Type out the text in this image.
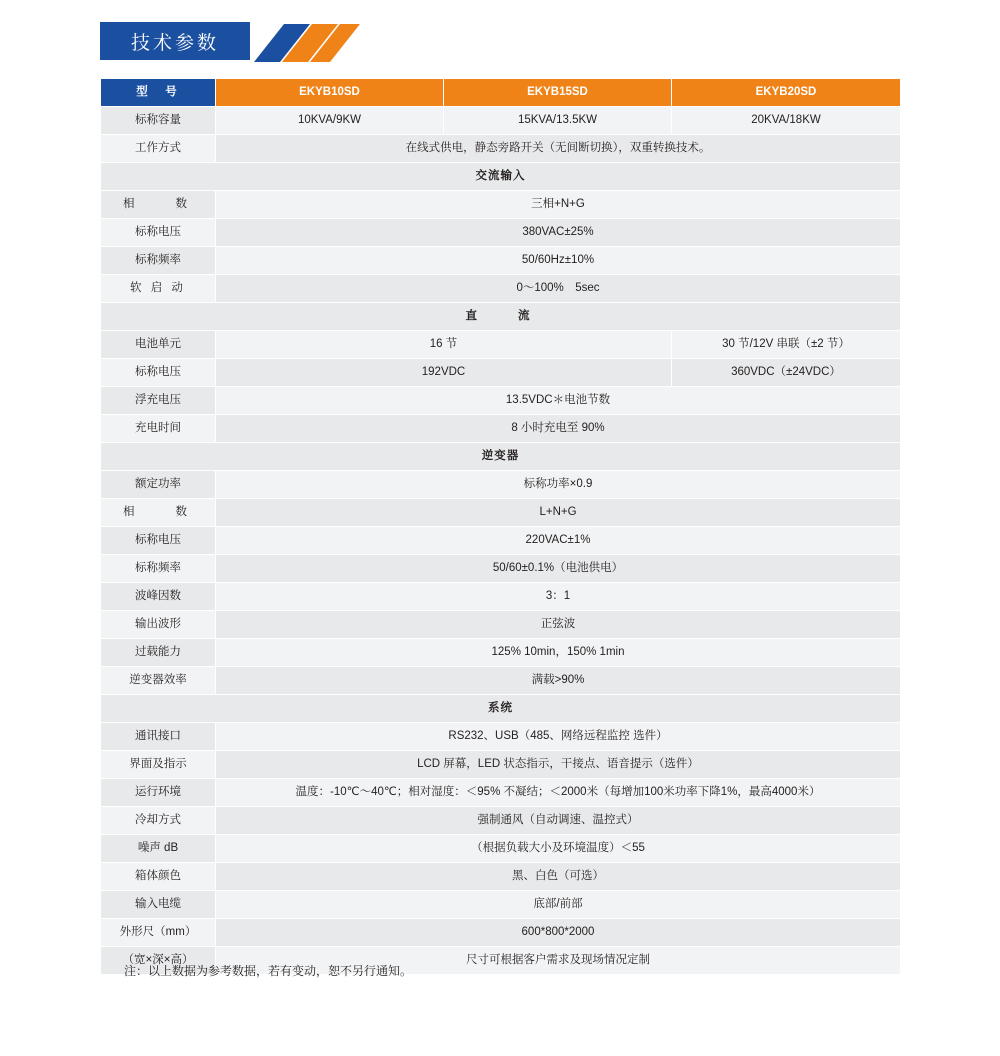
技术参数
型　号	EKYB10SD	EKYB15SD	EKYB20SD
标称容量	10KVA/9KW	15KVA/13.5KW	20KVA/18KW
工作方式	在线式供电，静态旁路开关（无间断切换），双重转换技术。		
交流输入			
相　　数	三相+N+G		
标称电压	380VAC±25%		
标称频率	50/60Hz±10%		
软 启 动	0～100%　5sec		
直　　流			
电池单元	16 节		30 节/12V 串联（±2 节）
标称电压	192VDC		360VDC（±24VDC）
浮充电压	13.5VDC＊电池节数		
充电时间	8 小时充电至 90%		
逆变器			
额定功率	标称功率×0.9		
相　　数	L+N+G		
标称电压	220VAC±1%		
标称频率	50/60±0.1%（电池供电）		
波峰因数	3：1		
输出波形	正弦波		
过载能力	125% 10min，150% 1min		
逆变器效率	满载>90%		
系统			
通讯接口	RS232、USB（485、网络远程监控 选件）		
界面及指示	LCD 屏幕，LED 状态指示，干接点、语音提示（选件）		
运行环境	温度：-10℃～40℃；相对湿度：＜95% 不凝结；＜2000米（每增加100米功率下降1%，最高4000米）		
冷却方式	强制通风（自动调速、温控式）		
噪声 dB	（根据负载大小及环境温度）＜55		
箱体颜色	黑、白色（可选）		
输入电缆	底部/前部		
外形尺（mm）	600*800*2000		
（宽×深×高）	尺寸可根据客户需求及现场情况定制		
注：以上数据为参考数据，若有变动，恕不另行通知。
